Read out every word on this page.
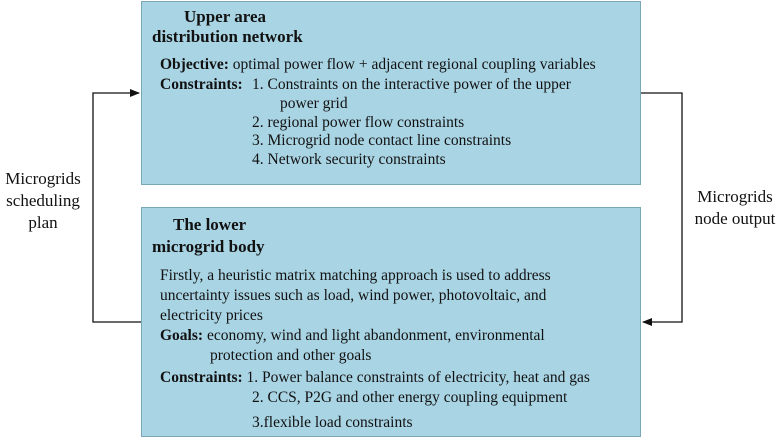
Upper area
distribution network
Objective: optimal power flow + adjacent regional coupling variables
Constraints: 1. Constraints on the interactive power of the upper
power grid
2. regional power flow constraints
3. Microgrid node contact line constraints
4. Network security constraints
The lower
microgrid body
Firstly, a heuristic matrix matching approach is used to address
uncertainty issues such as load, wind power, photovoltaic, and
electricity prices
Goals: economy, wind and light abandonment, environmental
protection and other goals
Constraints: 1. Power balance constraints of electricity, heat and gas
2. CCS, P2G and other energy coupling equipment
3.flexible load constraints
Microgrids
scheduling
plan
Microgrids
node output
